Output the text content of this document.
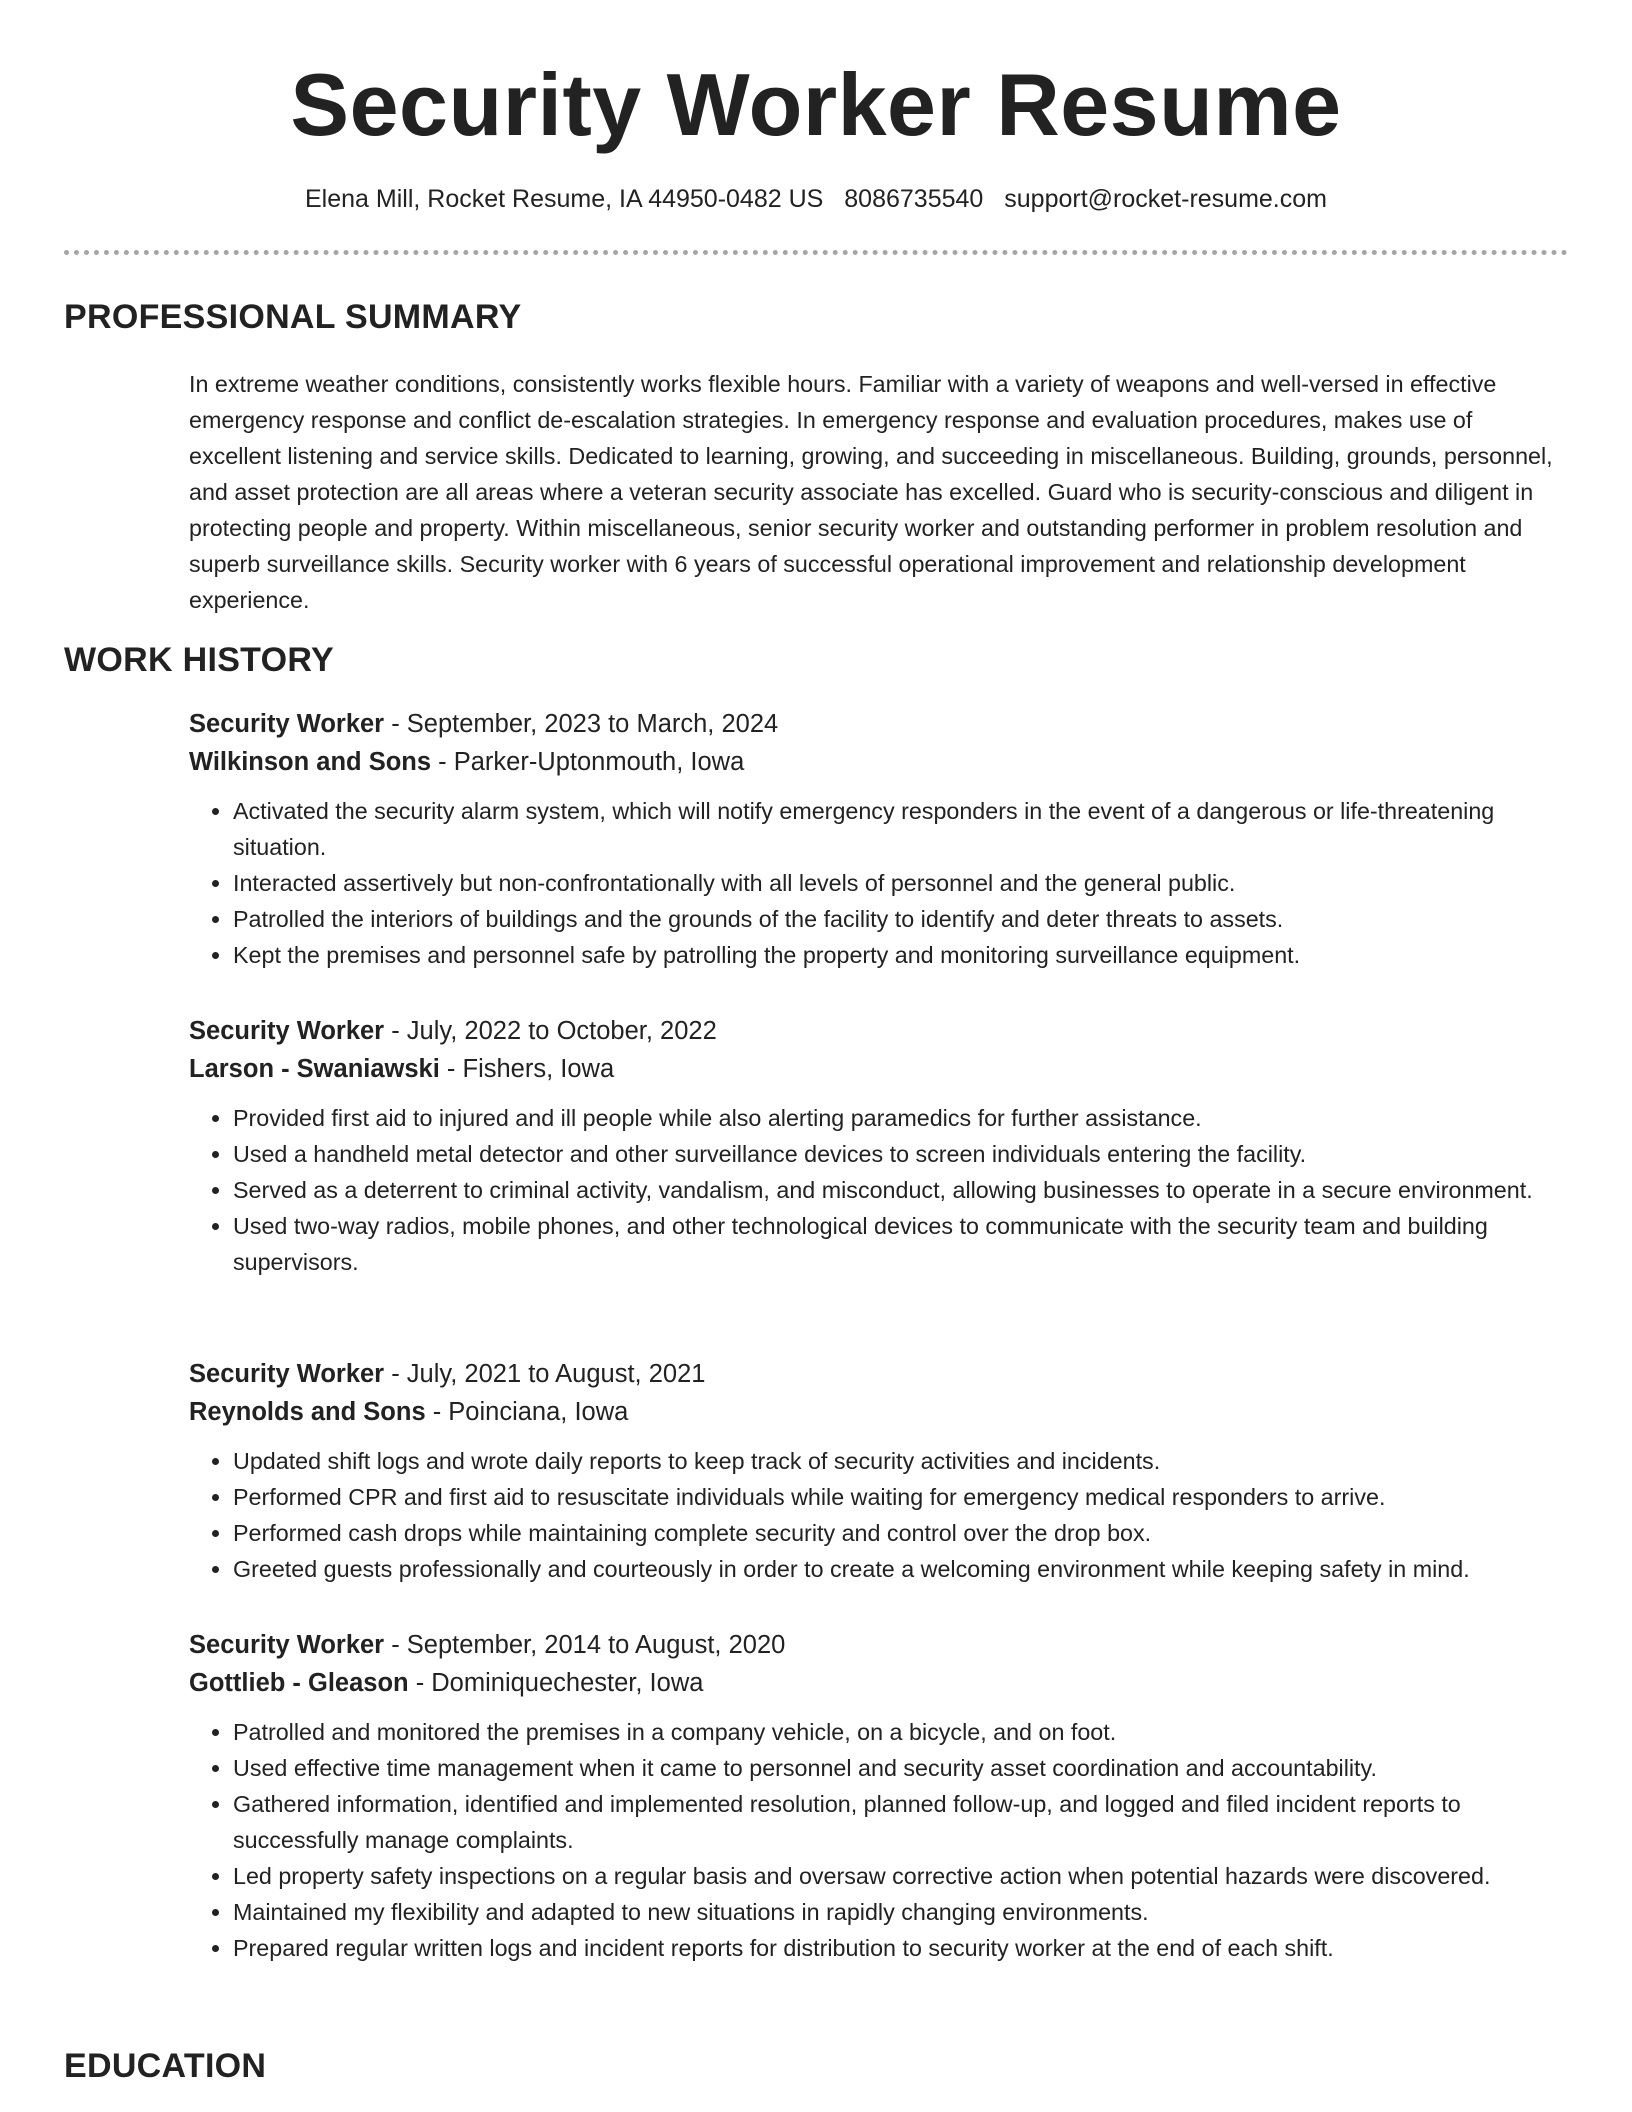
Security Worker Resume
Elena Mill, Rocket Resume, IA 44950-0482 US 8086735540 support@rocket-resume.com
PROFESSIONAL SUMMARY

In extreme weather conditions, consistently works flexible hours. Familiar with a variety of weapons and well-versed in effective emergency response and conflict de-escalation strategies. In emergency response and evaluation procedures, makes use of excellent listening and service skills. Dedicated to learning, growing, and succeeding in miscellaneous. Building, grounds, personnel, and asset protection are all areas where a veteran security associate has excelled. Guard who is security-conscious and diligent in protecting people and property. Within miscellaneous, senior security worker and outstanding performer in problem resolution and superb surveillance skills. Security worker with 6 years of successful operational improvement and relationship development experience.

WORK HISTORY

Security Worker - September, 2023 to March, 2024

Wilkinson and Sons - Parker-Uptonmouth, Iowa

• Activated the security alarm system, which will notify emergency responders in the event of a dangerous or life-threatening situation.
• Interacted assertively but non-confrontationally with all levels of personnel and the general public.
• Patrolled the interiors of buildings and the grounds of the facility to identify and deter threats to assets.
• Kept the premises and personnel safe by patrolling the property and monitoring surveillance equipment.

Security Worker - July, 2022 to October, 2022

Larson - Swaniawski - Fishers, Iowa

• Provided first aid to injured and ill people while also alerting paramedics for further assistance.
• Used a handheld metal detector and other surveillance devices to screen individuals entering the facility.
• Served as a deterrent to criminal activity, vandalism, and misconduct, allowing businesses to operate in a secure environment.
• Used two-way radios, mobile phones, and other technological devices to communicate with the security team and building supervisors.

Security Worker - July, 2021 to August, 2021

Reynolds and Sons - Poinciana, Iowa

• Updated shift logs and wrote daily reports to keep track of security activities and incidents.
• Performed CPR and first aid to resuscitate individuals while waiting for emergency medical responders to arrive.
• Performed cash drops while maintaining complete security and control over the drop box.
• Greeted guests professionally and courteously in order to create a welcoming environment while keeping safety in mind.

Security Worker - September, 2014 to August, 2020

Gottlieb - Gleason - Dominiquechester, Iowa

• Patrolled and monitored the premises in a company vehicle, on a bicycle, and on foot.
• Used effective time management when it came to personnel and security asset coordination and accountability.
• Gathered information, identified and implemented resolution, planned follow-up, and logged and filed incident reports to successfully manage complaints.
• Led property safety inspections on a regular basis and oversaw corrective action when potential hazards were discovered.
• Maintained my flexibility and adapted to new situations in rapidly changing environments.
• Prepared regular written logs and incident reports for distribution to security worker at the end of each shift.
EDUCATION
